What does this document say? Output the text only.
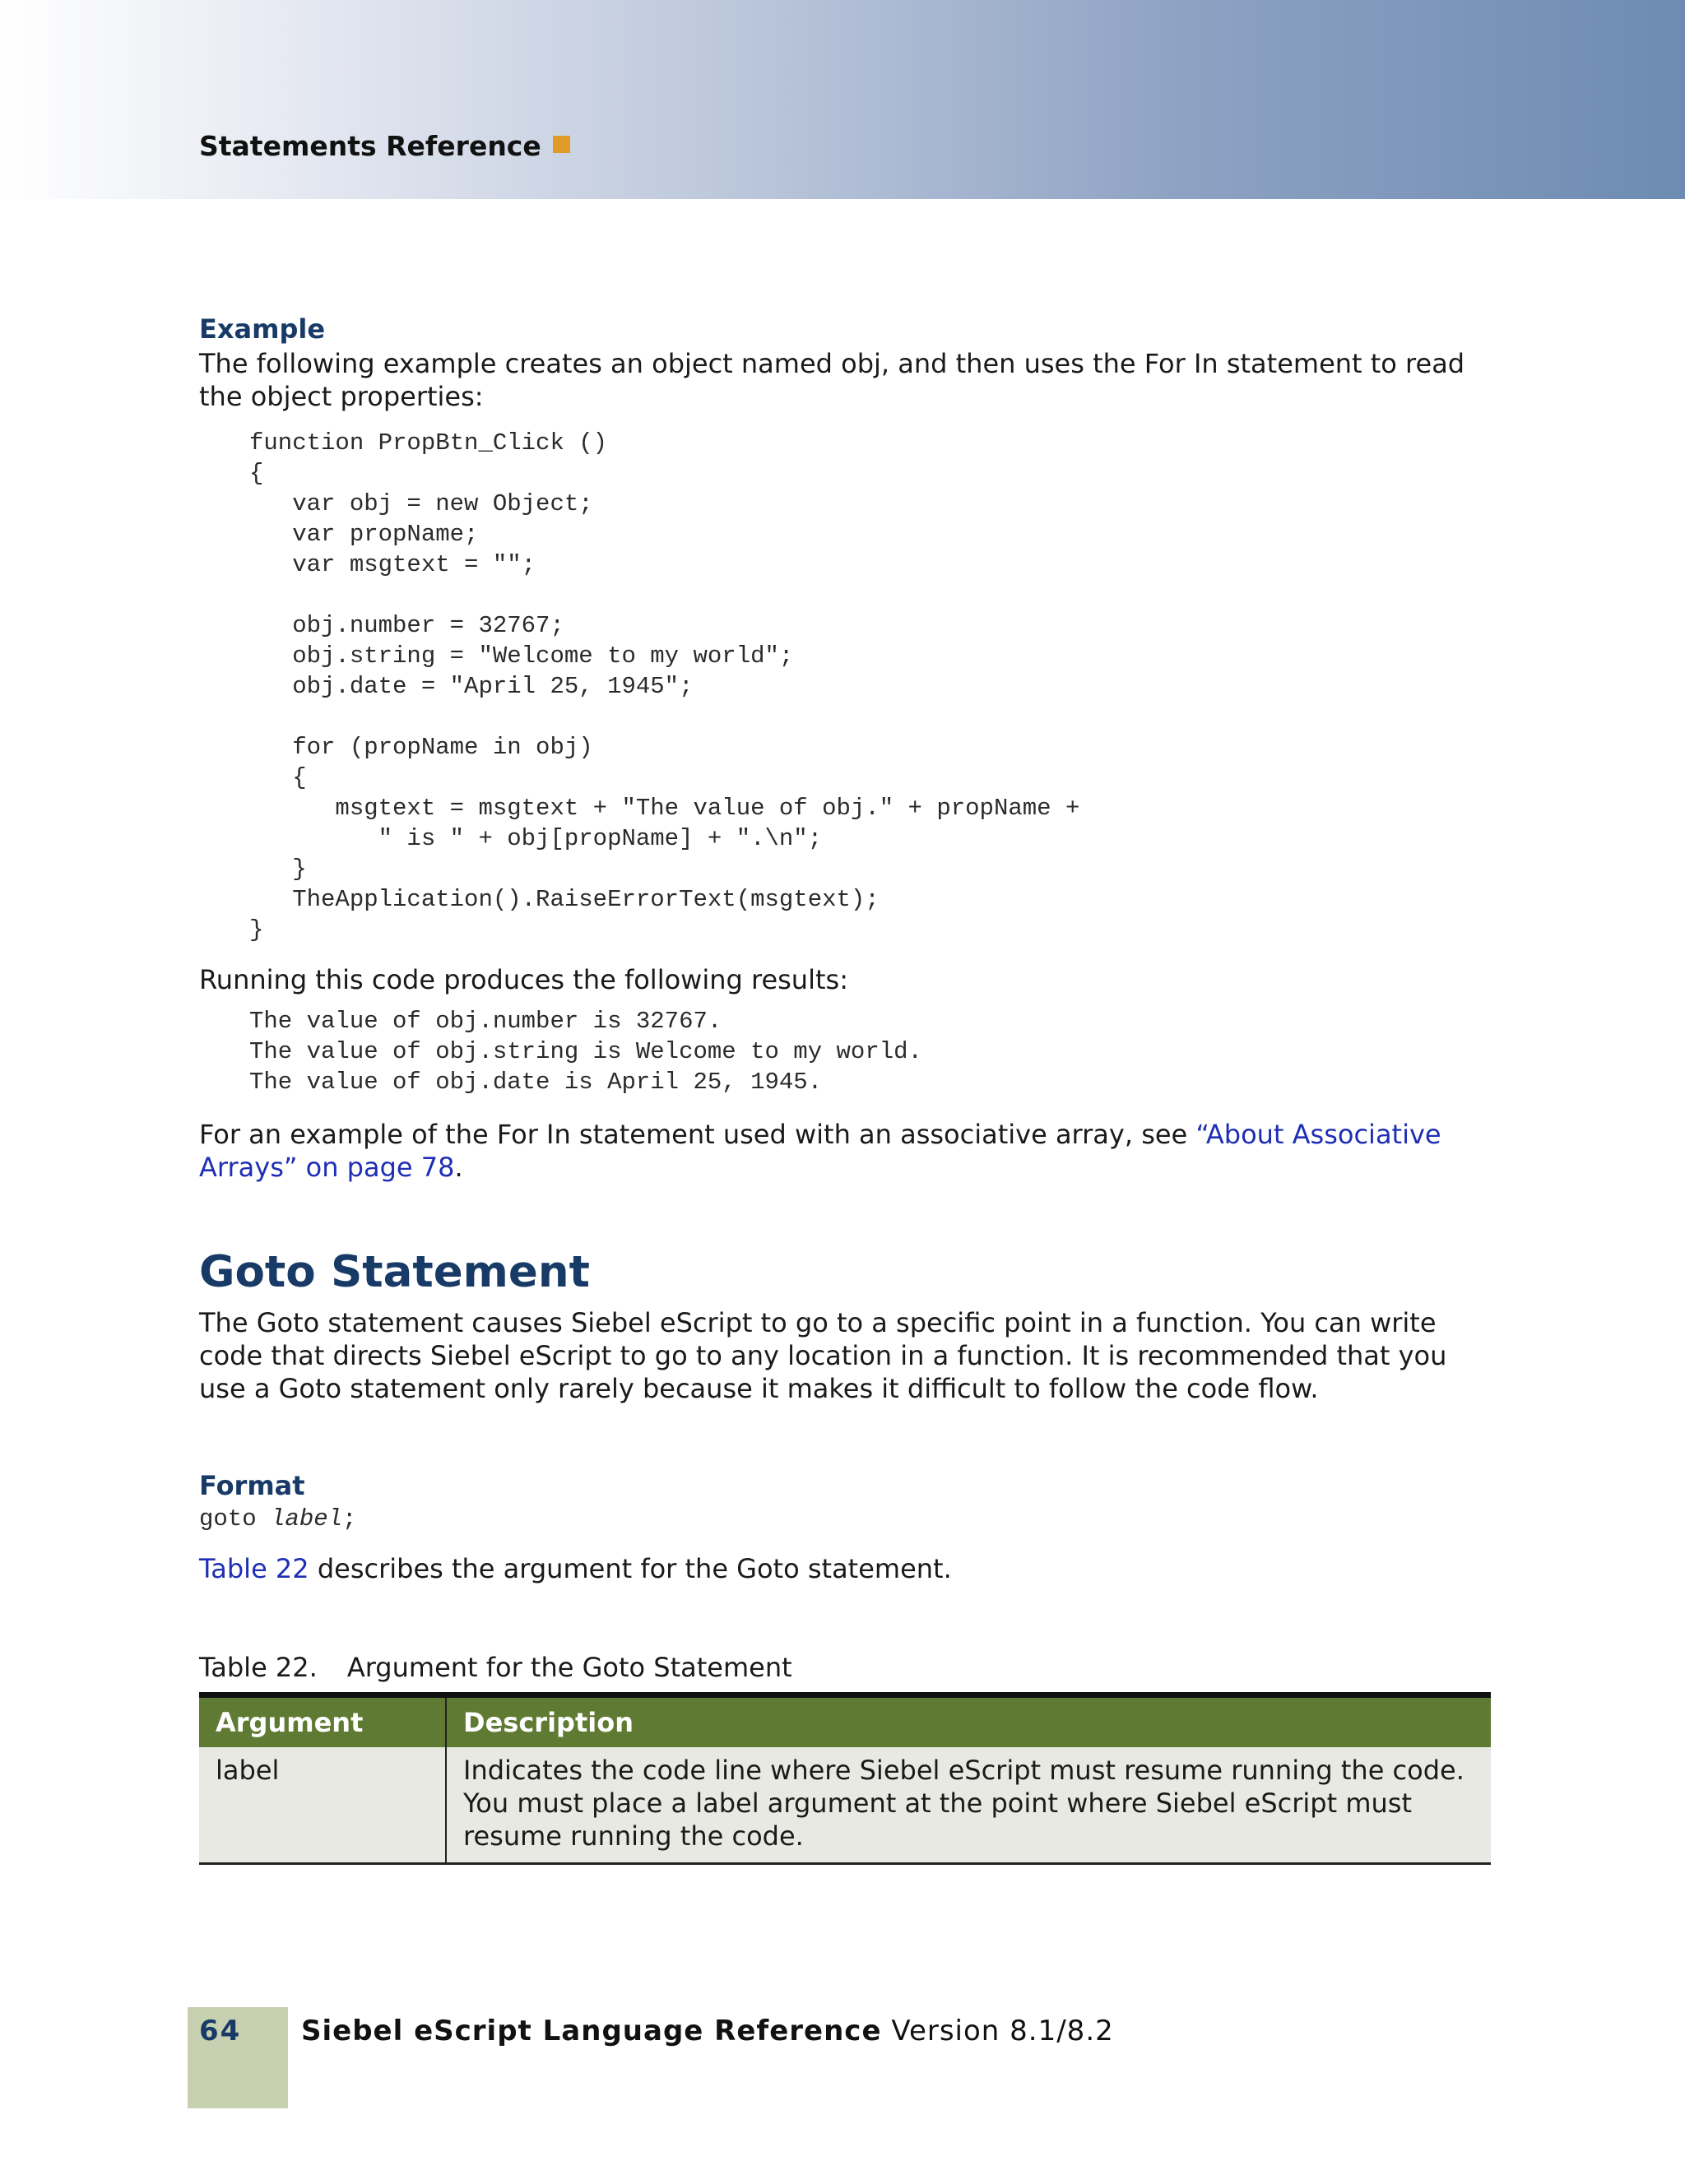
Statements Reference
Example

The following example creates an object named obj, and then uses the For In statement to read the object properties:

function PropBtn_Click ()
{
var obj = new Object;
var propName;
var msgtext = "";

obj.number = 32767;
obj.string = "Welcome to my world";
obj.date = "April 25, 1945";

for (propName in obj)
{
msgtext = msgtext + "The value of obj." + propName +
" is " + obj[propName] + ".\n";
}
TheApplication().RaiseErrorText(msgtext);
}

Running this code produces the following results:

The value of obj.number is 32767.
The value of obj.string is Welcome to my world.
The value of obj.date is April 25, 1945.

For an example of the For In statement used with an associative array, see “About Associative Arrays” on page 78.

Goto Statement

The Goto statement causes Siebel eScript to go to a specific point in a function. You can write code that directs Siebel eScript to go to any location in a function. It is recommended that you use a Goto statement only rarely because it makes it difficult to follow the code flow.

Format
goto label;

Table 22 describes the argument for the Goto statement.

Table 22. Argument for the Goto Statement
Argument	Description
label	Indicates the code line where Siebel eScript must resume running the code. You must place a label argument at the point where Siebel eScript must resume running the code.
64 Siebel eScript Language Reference Version 8.1/8.2
